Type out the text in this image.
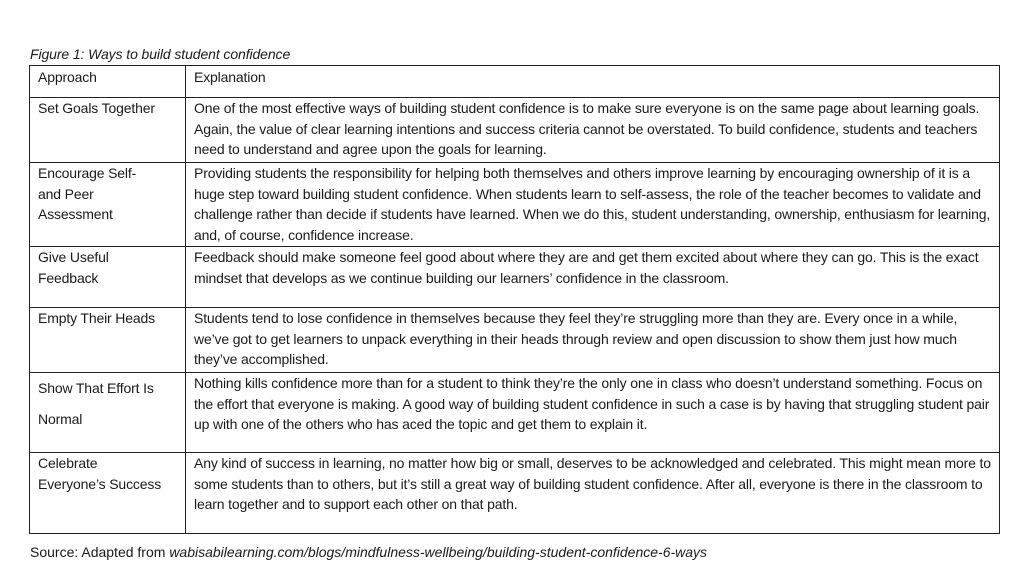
Figure 1: Ways to build student confidence
Approach	Explanation
Set Goals Together	One of the most effective ways of building student confidence is to make sure everyone is on the same page about learning goals. Again, the value of clear learning intentions and success criteria cannot be overstated. To build confidence, students and teachers need to understand and agree upon the goals for learning.
Encourage Self- and Peer Assessment	Providing students the responsibility for helping both themselves and others improve learning by encouraging ownership of it is a huge step toward building student confidence. When students learn to self-assess, the role of the teacher becomes to validate and challenge rather than decide if students have learned. When we do this, student understanding, ownership, enthusiasm for learning, and, of course, confidence increase.
Give Useful Feedback	Feedback should make someone feel good about where they are and get them excited about where they can go. This is the exact mindset that develops as we continue building our learners’ confidence in the classroom.
Empty Their Heads	Students tend to lose confidence in themselves because they feel they’re struggling more than they are. Every once in a while, we’ve got to get learners to unpack everything in their heads through review and open discussion to show them just how much they’ve accomplished.
Show That Effort Is Normal	Nothing kills confidence more than for a student to think they’re the only one in class who doesn’t understand something. Focus on the effort that everyone is making. A good way of building student confidence in such a case is by having that struggling student pair up with one of the others who has aced the topic and get them to explain it.
Celebrate Everyone’s Success	Any kind of success in learning, no matter how big or small, deserves to be acknowledged and celebrated. This might mean more to some students than to others, but it’s still a great way of building student confidence. After all, everyone is there in the classroom to learn together and to support each other on that path.
Source: Adapted from wabisabilearning.com/blogs/mindfulness-wellbeing/building-student-confidence-6-ways
